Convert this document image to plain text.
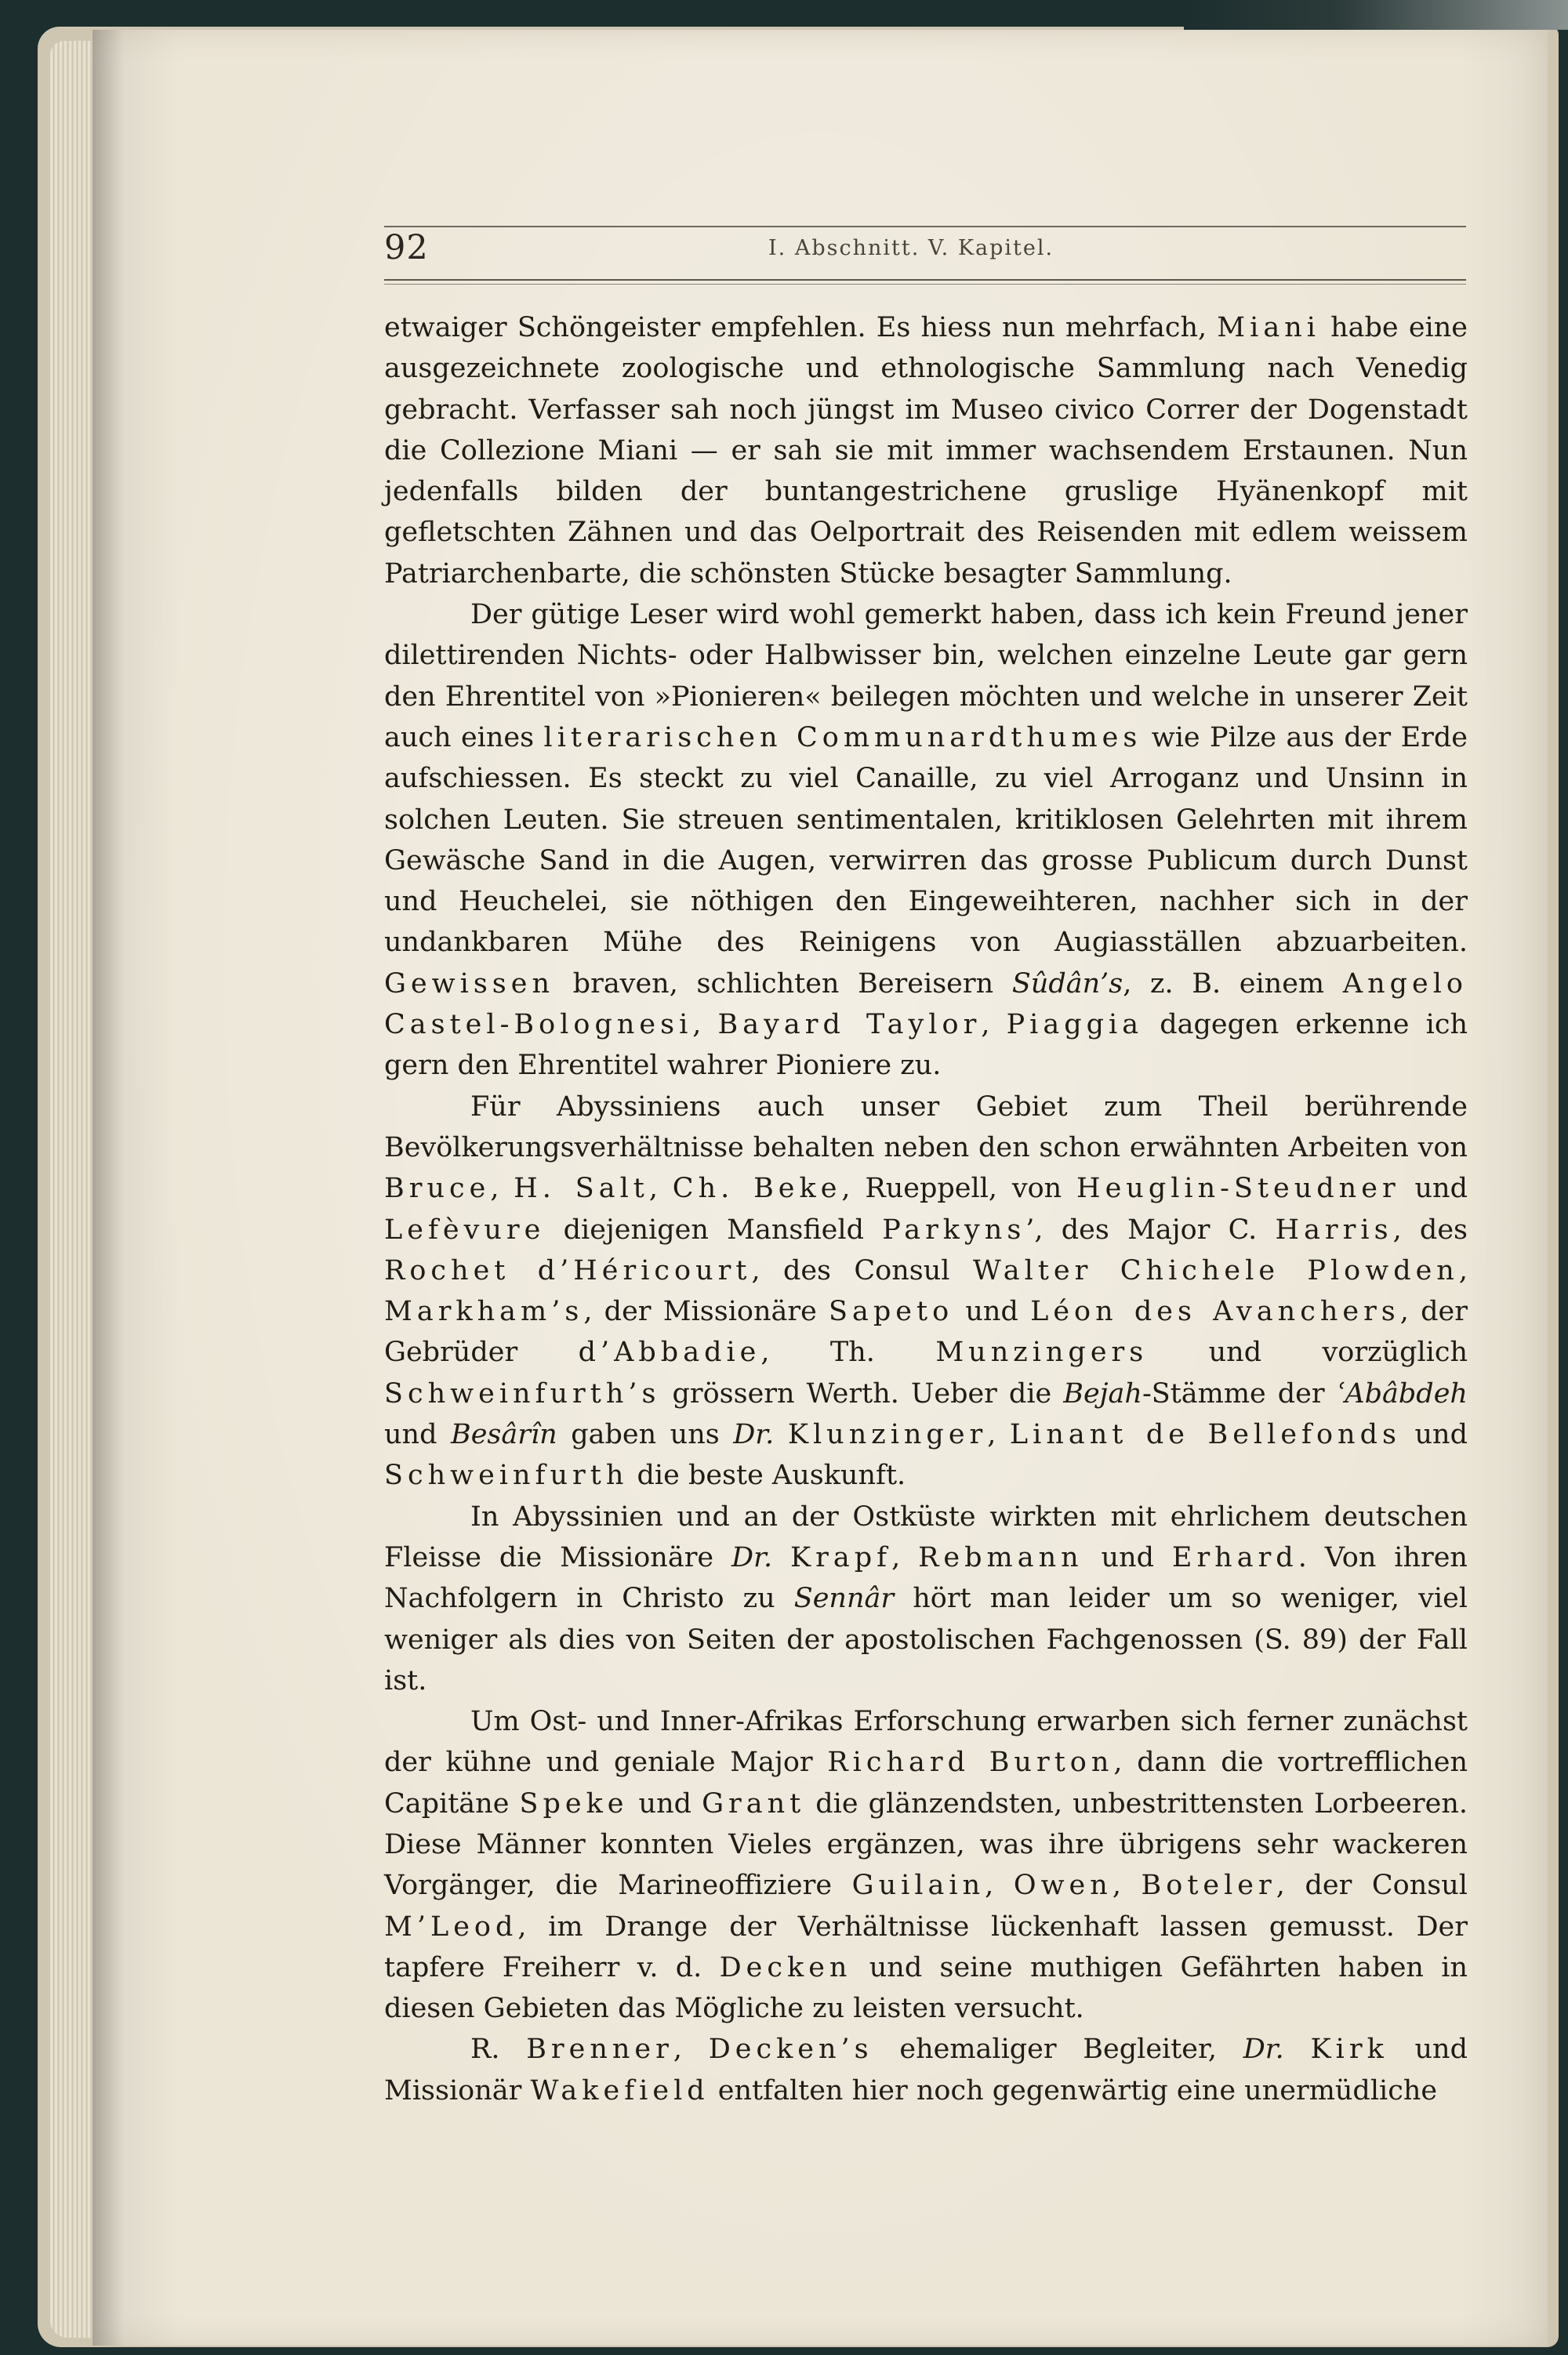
92	I. Abschnitt. V. Kapitel.

etwaiger Schöngeister empfehlen. Es hiess nun mehrfach, Miani habe eine ausgezeichnete zoologische und ethnologische Sammlung nach Venedig gebracht. Verfasser sah noch jüngst im Museo civico Correr der Dogenstadt die Collezione Miani — er sah sie mit immer wachsendem Erstaunen. Nun jedenfalls bilden der buntangestrichene gruslige Hyänenkopf mit gefletschten Zähnen und das Oelportrait des Reisenden mit edlem weissem Patriarchenbarte, die schönsten Stücke besagter Sammlung.

Der gütige Leser wird wohl gemerkt haben, dass ich kein Freund jener dilettirenden Nichts- oder Halbwisser bin, welchen einzelne Leute gar gern den Ehrentitel von »Pionieren« beilegen möchten und welche in unserer Zeit auch eines literarischen Communardthumes wie Pilze aus der Erde aufschiessen. Es steckt zu viel Canaille, zu viel Arroganz und Unsinn in solchen Leuten. Sie streuen sentimentalen, kritiklosen Gelehrten mit ihrem Gewäsche Sand in die Augen, verwirren das grosse Publicum durch Dunst und Heuchelei, sie nöthigen den Eingeweihteren, nachher sich in der undankbaren Mühe des Reinigens von Augiasställen abzuarbeiten. Gewissen braven, schlichten Bereisern Sûdân’s, z. B. einem Angelo Castel-Bolognesi, Bayard Taylor, Piaggia dagegen erkenne ich gern den Ehrentitel wahrer Pioniere zu.

Für Abyssiniens auch unser Gebiet zum Theil berührende Bevölkerungsverhältnisse behalten neben den schon erwähnten Arbeiten von Bruce, H. Salt, Ch. Beke, Rueppell, von Heuglin-Steudner und Lefèvure diejenigen Mansfield Parkyns’, des Major C. Harris, des Rochet d’Héricourt, des Consul Walter Chichele Plowden, Markham’s, der Missionäre Sapeto und Léon des Avanchers, der Gebrüder d’Abbadie, Th. Munzingers und vorzüglich Schweinfurth’s grössern Werth. Ueber die Bejah-Stämme der ʿAbâbdeh und Besârîn gaben uns Dr. Klunzinger, Linant de Bellefonds und Schweinfurth die beste Auskunft.

In Abyssinien und an der Ostküste wirkten mit ehrlichem deutschen Fleisse die Missionäre Dr. Krapf, Rebmann und Erhard. Von ihren Nachfolgern in Christo zu Sennâr hört man leider um so weniger, viel weniger als dies von Seiten der apostolischen Fachgenossen (S. 89) der Fall ist.

Um Ost- und Inner-Afrikas Erforschung erwarben sich ferner zunächst der kühne und geniale Major Richard Burton, dann die vortrefflichen Capitäne Speke und Grant die glänzendsten, unbestrittensten Lorbeeren. Diese Männer konnten Vieles ergänzen, was ihre übrigens sehr wackeren Vorgänger, die Marineoffiziere Guilain, Owen, Boteler, der Consul M’Leod, im Drange der Verhältnisse lückenhaft lassen gemusst. Der tapfere Freiherr v. d. Decken und seine muthigen Gefährten haben in diesen Gebieten das Mögliche zu leisten versucht.

R. Brenner, Decken’s ehemaliger Begleiter, Dr. Kirk und Missionär Wakefield entfalten hier noch gegenwärtig eine unermüdliche
